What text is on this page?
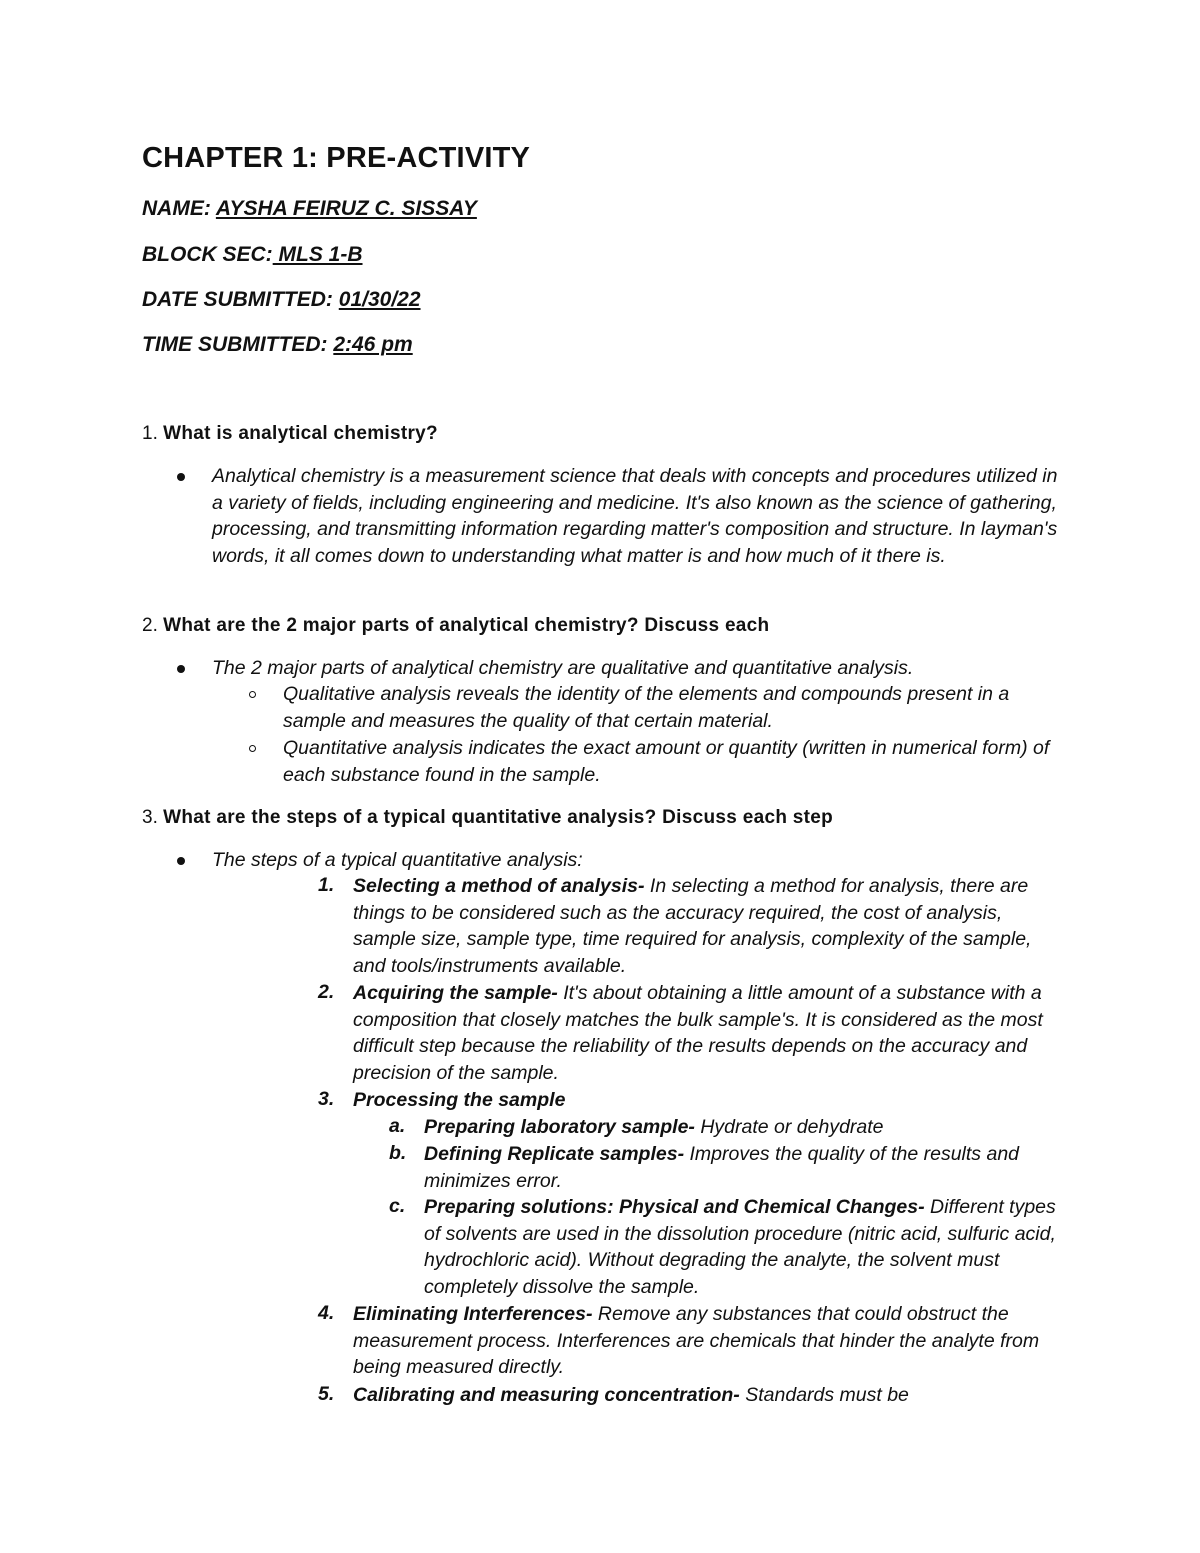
CHAPTER 1: PRE-ACTIVITY
NAME: AYSHA FEIRUZ C. SISSAY
BLOCK SEC: MLS 1-B
DATE SUBMITTED: 01/30/22
TIME SUBMITTED: 2:46 pm
1. What is analytical chemistry?
Analytical chemistry is a measurement science that deals with concepts and procedures utilized in a variety of fields, including engineering and medicine. It's also known as the science of gathering, processing, and transmitting information regarding matter's composition and structure. In layman's words, it all comes down to understanding what matter is and how much of it there is.
2. What are the 2 major parts of analytical chemistry? Discuss each
The 2 major parts of analytical chemistry are qualitative and quantitative analysis.
Qualitative analysis reveals the identity of the elements and compounds present in a sample and measures the quality of that certain material.
Quantitative analysis indicates the exact amount or quantity (written in numerical form) of each substance found in the sample.
3. What are the steps of a typical quantitative analysis? Discuss each step
The steps of a typical quantitative analysis:
1. Selecting a method of analysis- In selecting a method for analysis, there are things to be considered such as the accuracy required, the cost of analysis, sample size, sample type, time required for analysis, complexity of the sample, and tools/instruments available.
2. Acquiring the sample- It's about obtaining a little amount of a substance with a composition that closely matches the bulk sample's. It is considered as the most difficult step because the reliability of the results depends on the accuracy and precision of the sample.
3. Processing the sample
a. Preparing laboratory sample- Hydrate or dehydrate
b. Defining Replicate samples- Improves the quality of the results and minimizes error.
c. Preparing solutions: Physical and Chemical Changes- Different types of solvents are used in the dissolution procedure (nitric acid, sulfuric acid, hydrochloric acid). Without degrading the analyte, the solvent must completely dissolve the sample.
4. Eliminating Interferences- Remove any substances that could obstruct the measurement process. Interferences are chemicals that hinder the analyte from being measured directly.
5. Calibrating and measuring concentration- Standards must be
